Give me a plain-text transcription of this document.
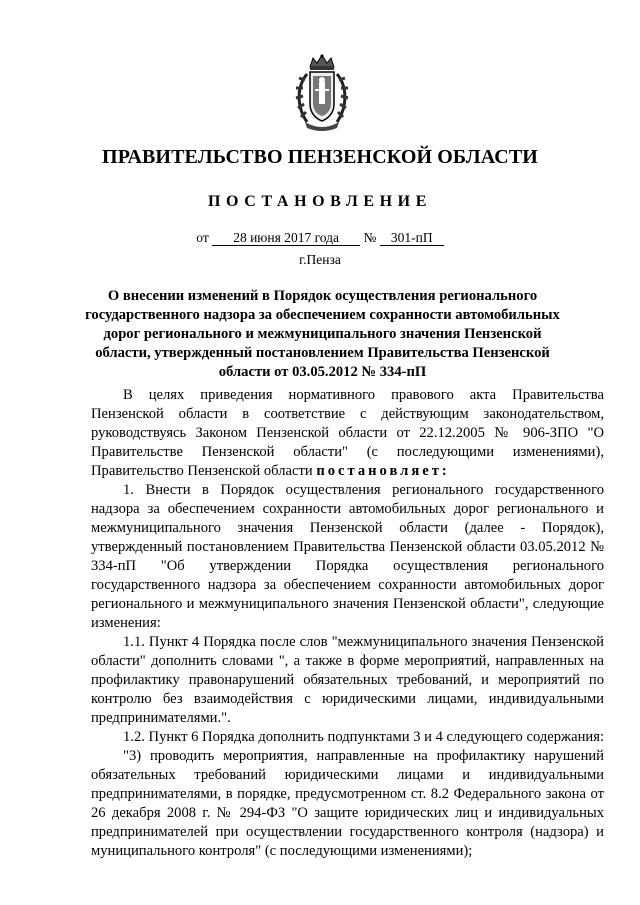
ПРАВИТЕЛЬСТВО ПЕНЗЕНСКОЙ ОБЛАСТИ
ПОСТАНОВЛЕНИЕ
от 28 июня 2017 года № 301-пП
г.Пенза
О внесении изменений в Порядок осуществления регионального государственного надзора за обеспечением сохранности автомобильных дорог регионального и межмуниципального значения Пензенской области, утвержденный постановлением Правительства Пензенской области от 03.05.2012 № 334-пП

В целях приведения нормативного правового акта Правительства Пензенской области в соответствие с действующим законодательством, руководствуясь Законом Пензенской области от 22.12.2005 № 906-ЗПО "О Правительстве Пензенской области" (с последующими изменениями), Правительство Пензенской области постановляет:

1. Внести в Порядок осуществления регионального государственного надзора за обеспечением сохранности автомобильных дорог регионального и межмуниципального значения Пензенской области (далее - Порядок), утвержденный постановлением Правительства Пензенской области 03.05.2012 № 334-пП "Об утверждении Порядка осуществления регионального государственного надзора за обеспечением сохранности автомобильных дорог регионального и межмуниципального значения Пензенской области", следующие изменения:

1.1. Пункт 4 Порядка после слов "межмуниципального значения Пензенской области" дополнить словами ", а также в форме мероприятий, направленных на профилактику правонарушений обязательных требований, и мероприятий по контролю без взаимодействия с юридическими лицами, индивидуальными предпринимателями.".

1.2. Пункт 6 Порядка дополнить подпунктами 3 и 4 следующего содержания:

"3) проводить мероприятия, направленные на профилактику нарушений обязательных требований юридическими лицами и индивидуальными предпринимателями, в порядке, предусмотренном ст. 8.2 Федерального закона от 26 декабря 2008 г. № 294-ФЗ "О защите юридических лиц и индивидуальных предпринимателей при осуществлении государственного контроля (надзора) и муниципального контроля" (с последующими изменениями);
